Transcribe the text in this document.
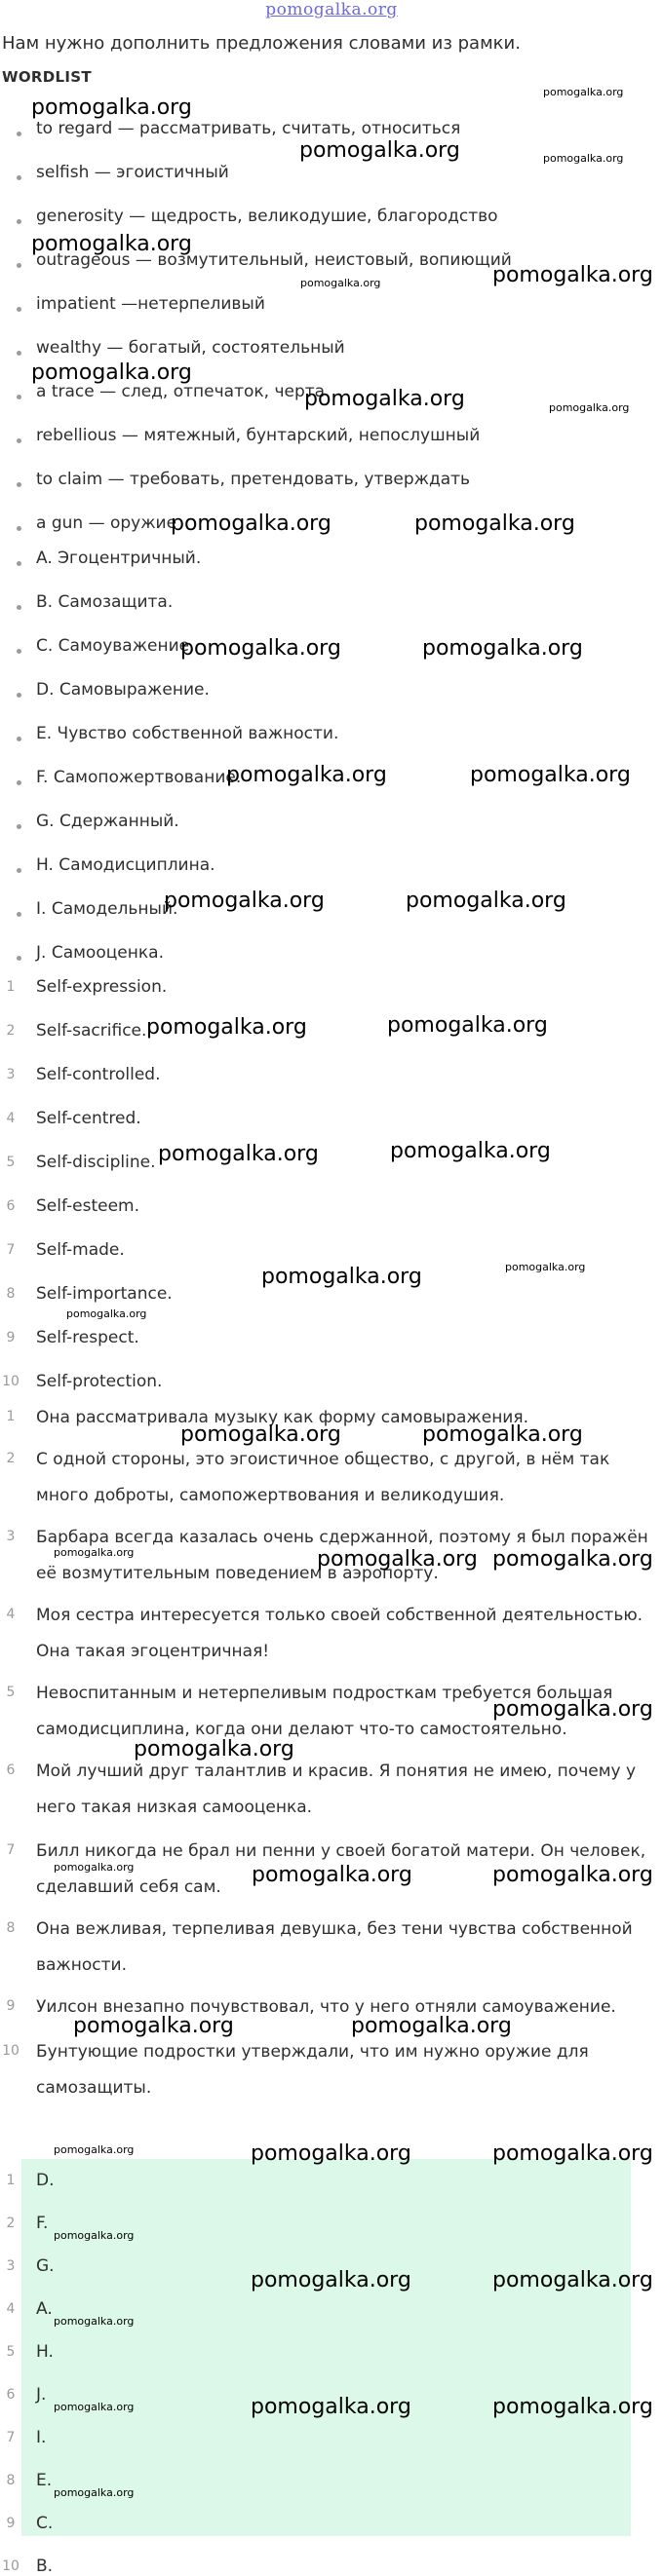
pomogalka.org
Нам нужно дополнить предложения словами из рамки.
WORDLIST
to regard — рассматривать, считать, относиться
selfish — эгоистичный
generosity — щедрость, великодушие, благородство
outrageous — возмутительный, неистовый, вопиющий
impatient —нетерпеливый
wealthy — богатый, состоятельный
a trace — след, отпечаток, черта
rebellious — мятежный, бунтарский, непослушный
to claim — требовать, претендовать, утверждать
a gun — оружие
A. Эгоцентричный.
B. Самозащита.
C. Самоуважение.
D. Самовыражение.
E. Чувство собственной важности.
F. Самопожертвование.
G. Сдержанный.
H. Самодисциплина.
I. Самодельный.
J. Самооценка.
1	Self-expression.
2	Self-sacrifice.
3	Self-controlled.
4	Self-centred.
5	Self-discipline.
6	Self-esteem.
7	Self-made.
8	Self-importance.
9	Self-respect.
10 Self-protection.
1	Она рассматривала музыку как форму самовыражения.
2	С одной стороны, это эгоистичное общество, с другой, в нём так много доброты, самопожертвования и великодушия.
3	Барбара всегда казалась очень сдержанной, поэтому я был поражён её возмутительным поведением в аэропорту.
4	Моя сестра интересуется только своей собственной деятельностью. Она такая эгоцентричная!
5	Невоспитанным и нетерпеливым подросткам требуется большая самодисциплина, когда они делают что-то самостоятельно.
6	Мой лучший друг талантлив и красив. Я понятия не имею, почему у него такая низкая самооценка.
7	Билл никогда не брал ни пенни у своей богатой матери. Он человек, сделавший себя сам.
8	Она вежливая, терпеливая девушка, без тени чувства собственной важности.
9	Уилсон внезапно почувствовал, что у него отняли самоуважение.
10 Бунтующие подростки утверждали, что им нужно оружие для самозащиты.
1	D.
2	F.
3	G.
4	A.
5	H.
6	J.
7	I.
8	E.
9	C.
10 B.
pomogalka.org
pomogalka.org
pomogalka.org
pomogalka.org
pomogalka.org
pomogalka.org
pomogalka.org	pomogalka.org
pomogalka.org	pomogalka.org
pomogalka.org	pomogalka.org
pomogalka.org	pomogalka.org
pomogalka.org	pomogalka.org
pomogalka.org	pomogalka.org
pomogalka.org
pomogalka.org	pomogalka.org
pomogalka.org pomogalka.org
pomogalka.org
pomogalka.org
pomogalka.org	pomogalka.org
pomogalka.org	pomogalka.org
pomogalka.org	pomogalka.org
pomogalka.org	pomogalka.org
pomogalka.org	pomogalka.org
pomogalka.org
pomogalka.org
pomogalka.org
pomogalka.org
pomogalka.org
pomogalka.org
pomogalka.org
pomogalka.org
pomogalka.org
pomogalka.org
pomogalka.org
pomogalka.org
pomogalka.org
